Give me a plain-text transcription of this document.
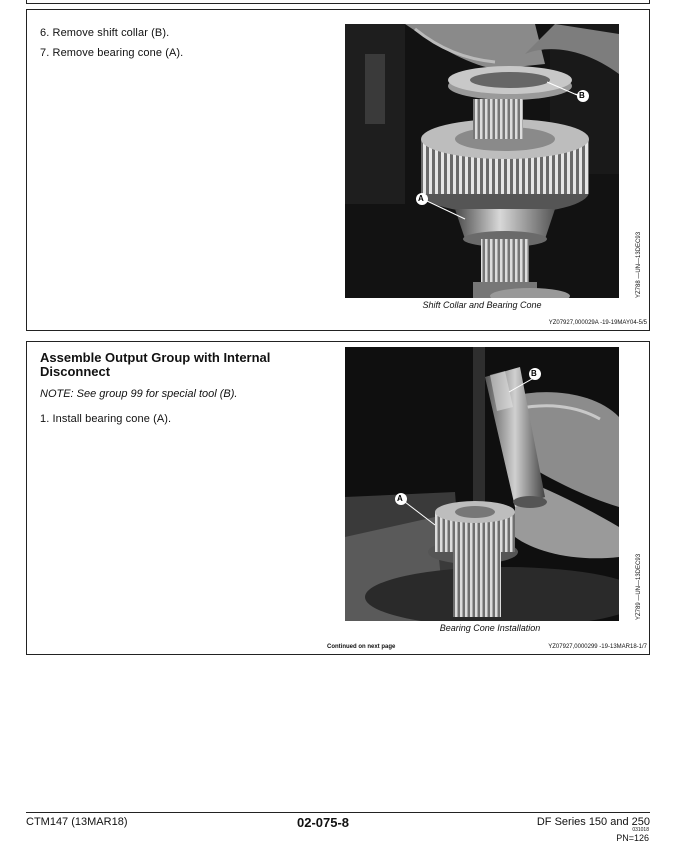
6. Remove shift collar (B).
7. Remove bearing cone (A).
B
A
YZ788 —UN—13DEC93
Shift Collar and Bearing Cone
YZ07927,000029A -19-19MAY04-5/5
Assemble Output Group with Internal Disconnect
NOTE: See group 99 for special tool (B).
1. Install bearing cone (A).
B
A
YZ789 —UN—13DEC93
Bearing Cone Installation
Continued on next page	YZ07927,0000299 -19-13MAR18-1/7
CTM147 (13MAR18)	02-075-8	DF Series 150 and 250
031018
PN=126
